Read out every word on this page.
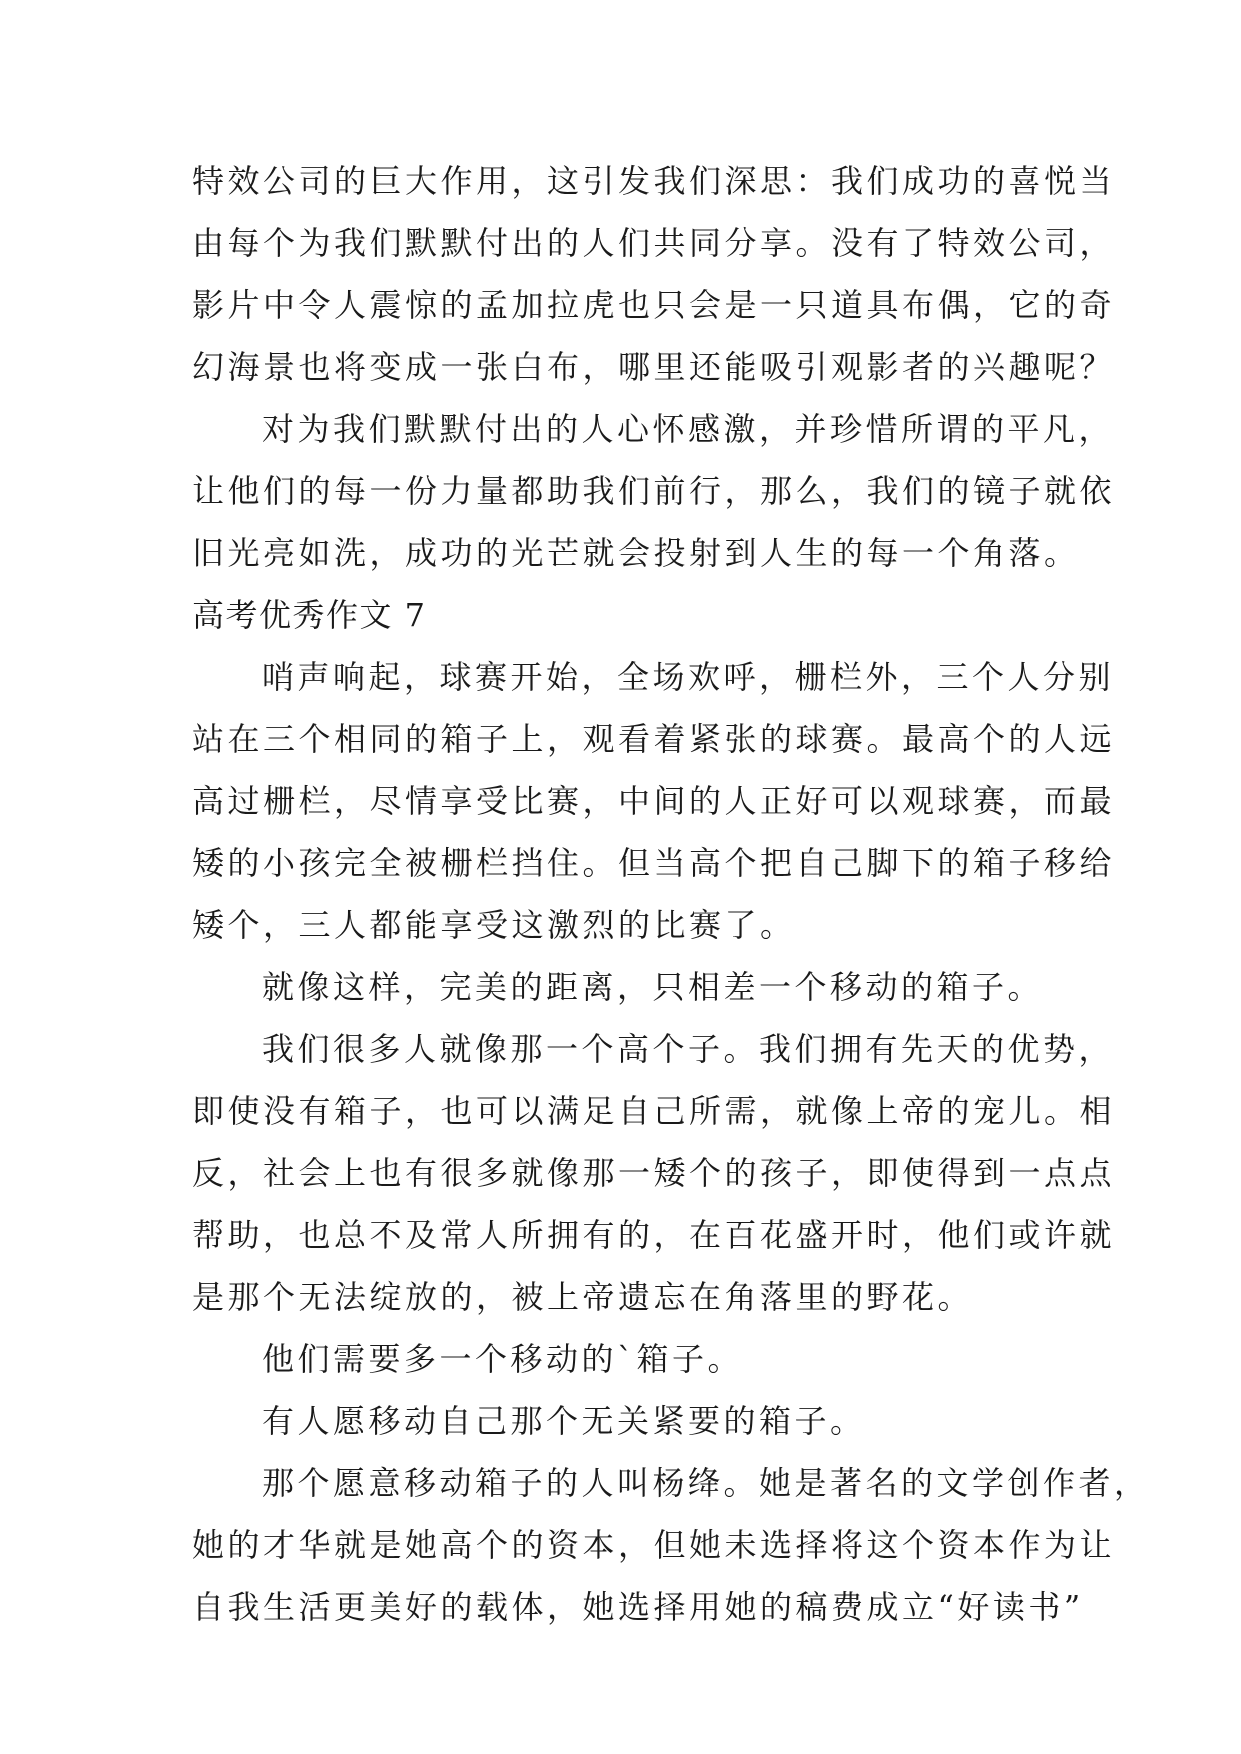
特效公司的巨大作用，这引发我们深思：我们成功的喜悦当
由每个为我们默默付出的人们共同分享。没有了特效公司，
影片中令人震惊的孟加拉虎也只会是一只道具布偶，它的奇
幻海景也将变成一张白布，哪里还能吸引观影者的兴趣呢？
对为我们默默付出的人心怀感激，并珍惜所谓的平凡，
让他们的每一份力量都助我们前行，那么，我们的镜子就依
旧光亮如洗，成功的光芒就会投射到人生的每一个角落。
高考优秀作文 7
哨声响起，球赛开始，全场欢呼，栅栏外，三个人分别
站在三个相同的箱子上，观看着紧张的球赛。最高个的人远
高过栅栏，尽情享受比赛，中间的人正好可以观球赛，而最
矮的小孩完全被栅栏挡住。但当高个把自己脚下的箱子移给
矮个，三人都能享受这激烈的比赛了。
就像这样，完美的距离，只相差一个移动的箱子。
我们很多人就像那一个高个子。我们拥有先天的优势，
即使没有箱子，也可以满足自己所需，就像上帝的宠儿。相
反，社会上也有很多就像那一矮个的孩子，即使得到一点点
帮助，也总不及常人所拥有的，在百花盛开时，他们或许就
是那个无法绽放的，被上帝遗忘在角落里的野花。
他们需要多一个移动的`箱子。
有人愿移动自己那个无关紧要的箱子。
那个愿意移动箱子的人叫杨绛。她是著名的文学创作者，
她的才华就是她高个的资本，但她未选择将这个资本作为让
自我生活更美好的载体，她选择用她的稿费成立“好读书”
